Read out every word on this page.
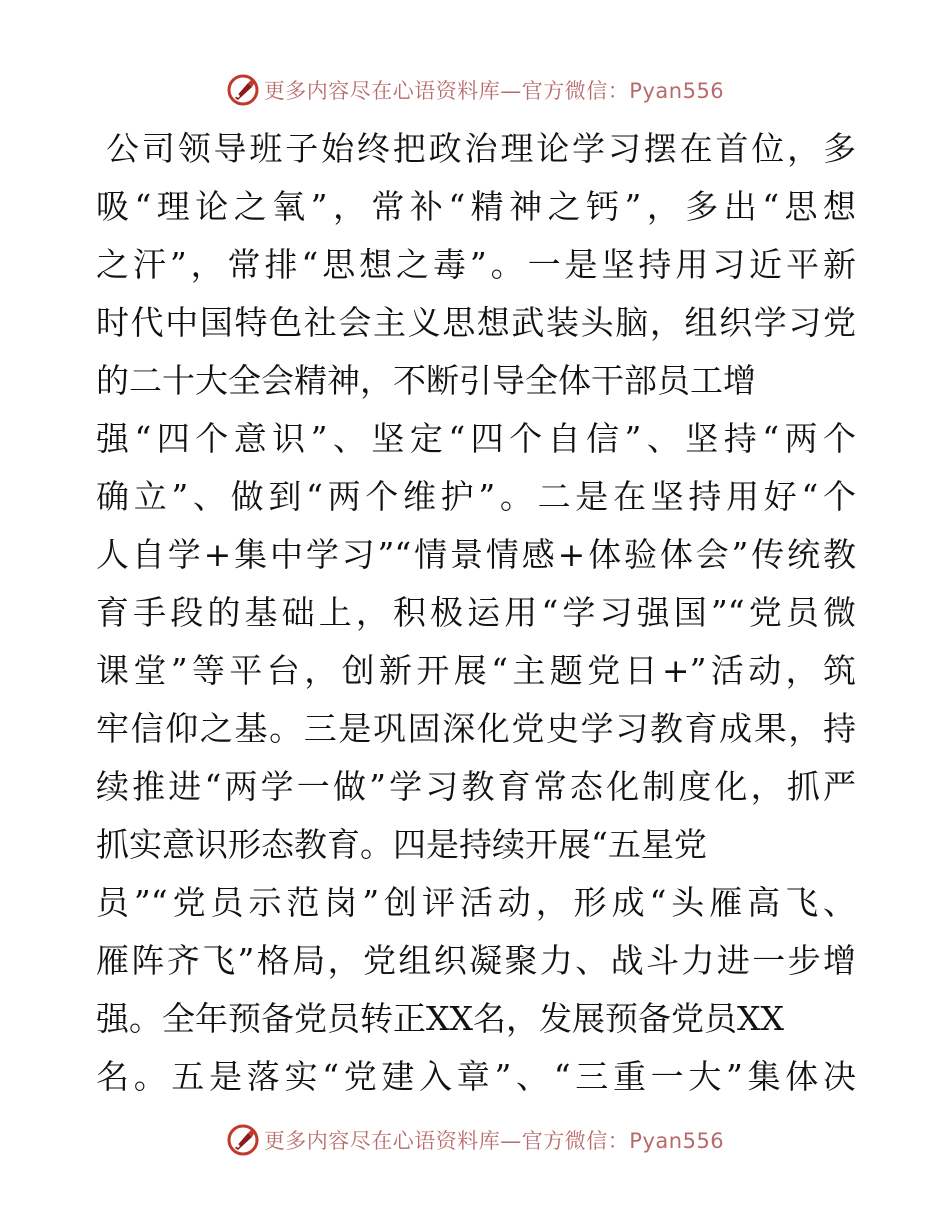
更多内容尽在心语资料库—官方微信：Pyan556
公司领导班子始终把政治理论学习摆在首位，多
吸“理论之氧”，常补“精神之钙”，多出“思想
之汗”，常排“思想之毒”。一是坚持用习近平新
时代中国特色社会主义思想武装头脑，组织学习党
的二十大全会精神，不断引导全体干部员工增
强“四个意识”、坚定“四个自信”、坚持“两个
确立”、做到“两个维护”。二是在坚持用好“个
人自学+集中学习”“情景情感+体验体会”传统教
育手段的基础上，积极运用“学习强国”“党员微
课堂”等平台，创新开展“主题党日+”活动，筑
牢信仰之基。三是巩固深化党史学习教育成果，持
续推进“两学一做”学习教育常态化制度化，抓严
抓实意识形态教育。四是持续开展“五星党
员”“党员示范岗”创评活动，形成“头雁高飞、
雁阵齐飞”格局，党组织凝聚力、战斗力进一步增
强。全年预备党员转正XX名，发展预备党员XX
名。五是落实“党建入章”、“三重一大”集体决
更多内容尽在心语资料库—官方微信：Pyan556
